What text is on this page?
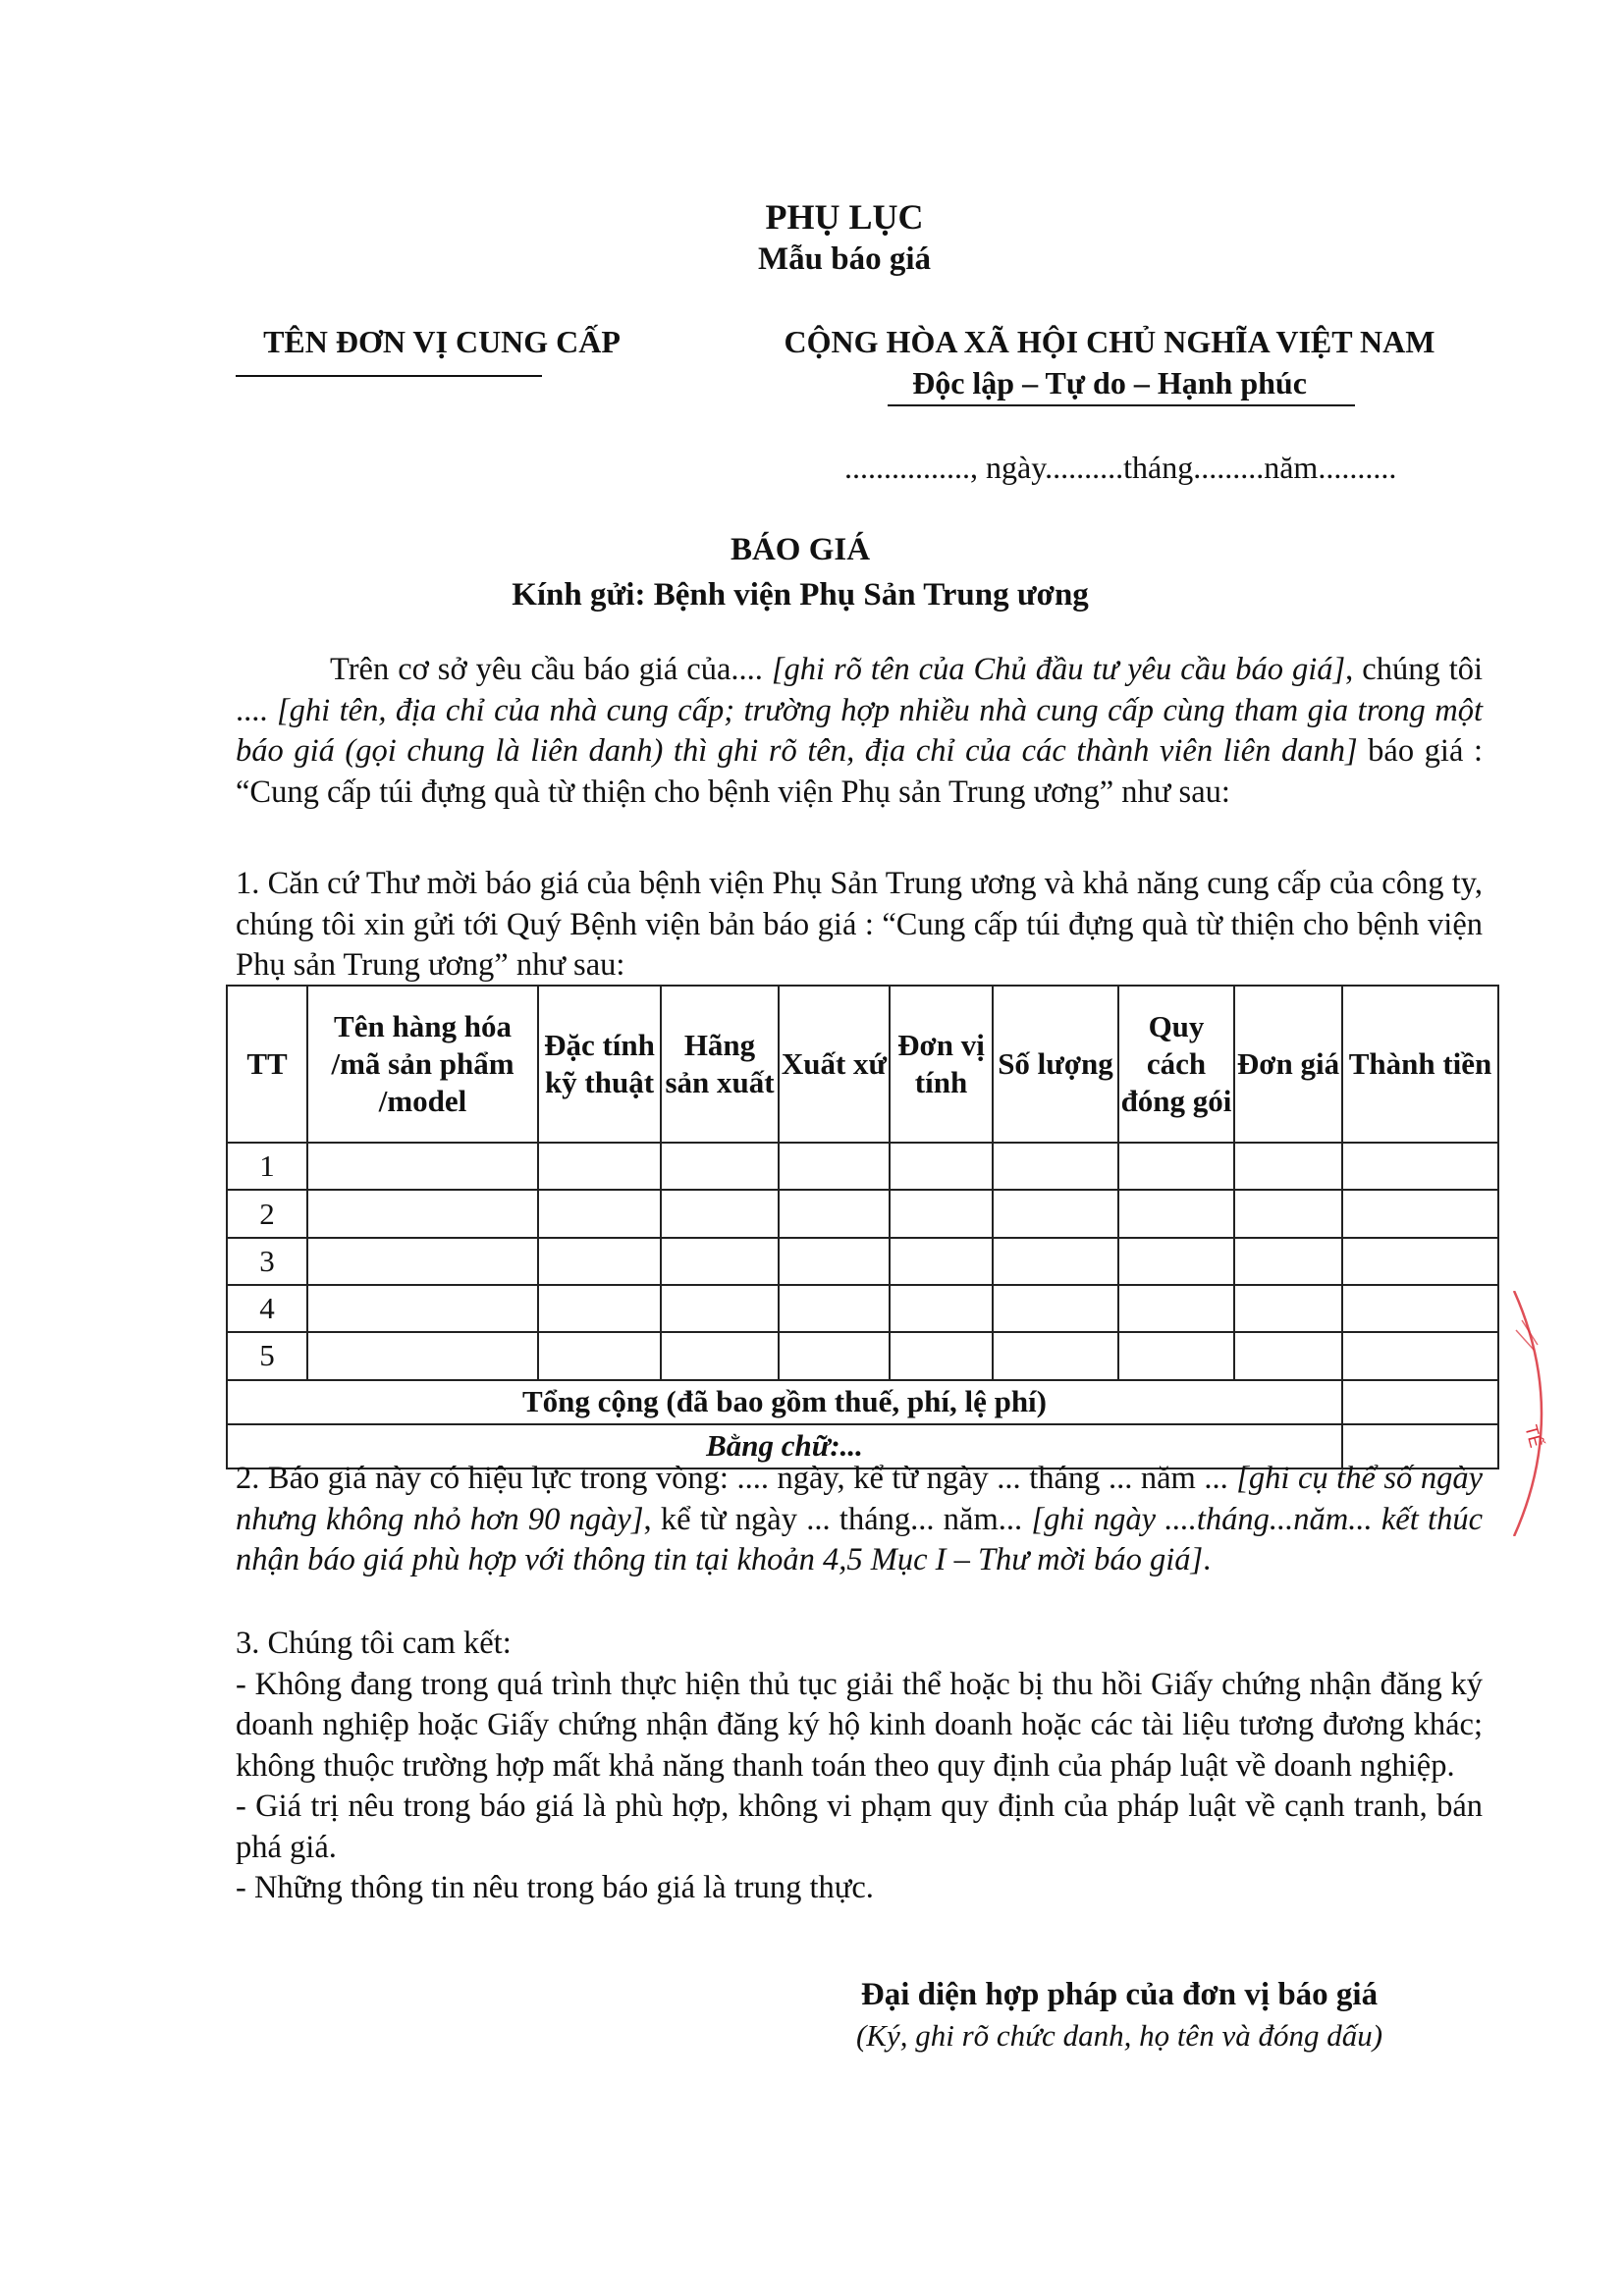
PHỤ LỤC
Mẫu báo giá
TÊN ĐƠN VỊ CUNG CẤP	CỘNG HÒA XÃ HỘI CHỦ NGHĨA VIỆT NAM
Độc lập – Tự do – Hạnh phúc
................, ngày..........tháng.........năm..........
BÁO GIÁ
Kính gửi: Bệnh viện Phụ Sản Trung ương
Trên cơ sở yêu cầu báo giá của.... [ghi rõ tên của Chủ đầu tư yêu cầu báo giá], chúng tôi .... [ghi tên, địa chỉ của nhà cung cấp; trường hợp nhiều nhà cung cấp cùng tham gia trong một báo giá (gọi chung là liên danh) thì ghi rõ tên, địa chỉ của các thành viên liên danh] báo giá : “Cung cấp túi đựng quà từ thiện cho bệnh viện Phụ sản Trung ương” như sau:
1. Căn cứ Thư mời báo giá của bệnh viện Phụ Sản Trung ương và khả năng cung cấp của công ty, chúng tôi xin gửi tới Quý Bệnh viện bản báo giá : “Cung cấp túi đựng quà từ thiện cho bệnh viện Phụ sản Trung ương” như sau:
TT	Tên hàng hóa /mã sản phẩm /model	Đặc tính kỹ thuật	Hãng sản xuất	Xuất xứ	Đơn vị tính	Số lượng	Quy cách đóng gói	Đơn giá	Thành tiền
1									
2									
3									
4									
5									
Tổng cộng (đã bao gồm thuế, phí, lệ phí)									
Bằng chữ:...									
2. Báo giá này có hiệu lực trong vòng: .... ngày, kể từ ngày ... tháng ... năm ... [ghi cụ thể số ngày nhưng không nhỏ hơn 90 ngày], kể từ ngày ... tháng... năm... [ghi ngày ....tháng...năm... kết thúc nhận báo giá phù hợp với thông tin tại khoản 4,5 Mục I – Thư mời báo giá].
3. Chúng tôi cam kết:
- Không đang trong quá trình thực hiện thủ tục giải thể hoặc bị thu hồi Giấy chứng nhận đăng ký doanh nghiệp hoặc Giấy chứng nhận đăng ký hộ kinh doanh hoặc các tài liệu tương đương khác; không thuộc trường hợp mất khả năng thanh toán theo quy định của pháp luật về doanh nghiệp.
- Giá trị nêu trong báo giá là phù hợp, không vi phạm quy định của pháp luật về cạnh tranh, bán phá giá.
- Những thông tin nêu trong báo giá là trung thực.
Đại diện hợp pháp của đơn vị báo giá
(Ký, ghi rõ chức danh, họ tên và đóng dấu)
TẾ
